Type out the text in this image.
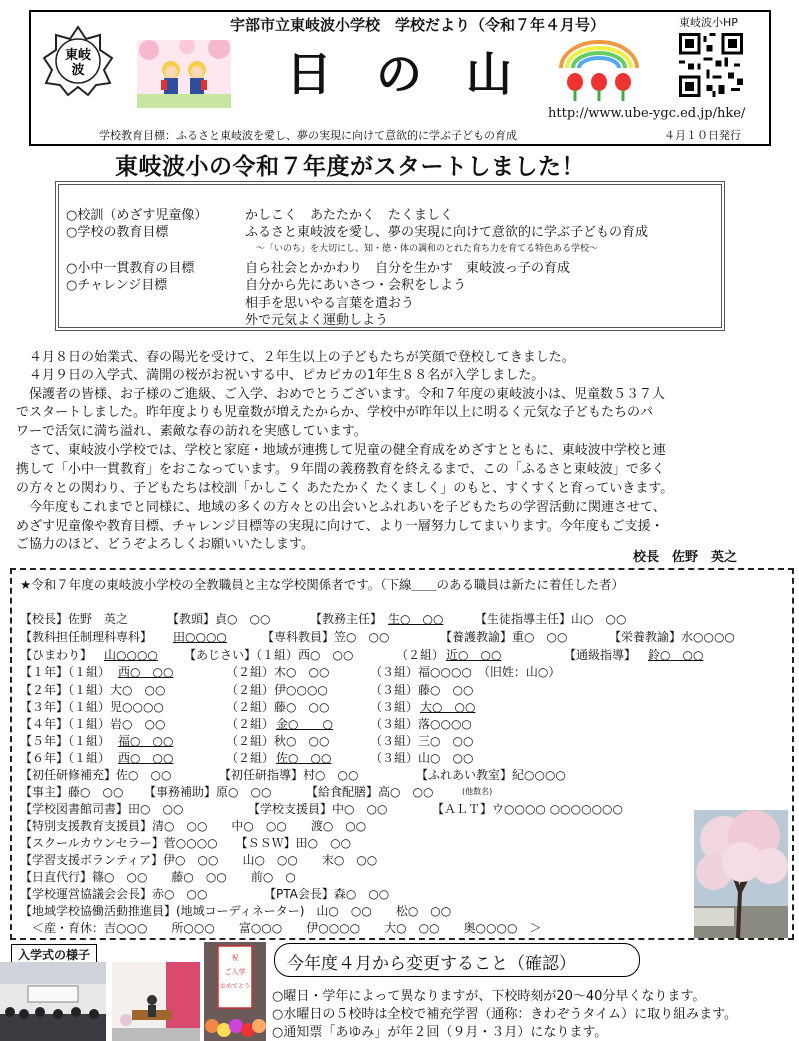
東岐
波
宇部市立東岐波小学校　学校だより（令和７年４月号）
日 の 山
東岐波小HP
http://www.ube-ygc.ed.jp/hke/
学校教育目標：ふるさと東岐波を愛し、夢の実現に向けて意欲的に学ぶ子どもの育成	４月１０日発行
東岐波小の令和７年度がスタートしました！
○校訓（めざす児童像）	かしこく　あたたかく　たくましく
○学校の教育目標	ふるさと東岐波を愛し、夢の実現に向けて意欲的に学ぶ子どもの育成
～「いのち」を大切にし、知・徳・体の調和のとれた育ち力を育てる特色ある学校～
○小中一貫教育の目標	自ら社会とかかわり　自分を生かす　東岐波っ子の育成
○チャレンジ目標	自分から先にあいさつ・会釈をしよう
相手を思いやる言葉を遣おう
外で元気よく運動しよう
　４月８日の始業式、春の陽光を受けて、２年生以上の子どもたちが笑顔で登校してきました。
　４月９日の入学式、満開の桜がお祝いする中、ピカピカの1年生８８名が入学しました。
　保護者の皆様、お子様のご進級、ご入学、おめでとうございます。令和７年度の東岐波小は、児童数５３７人
でスタートしました。昨年度よりも児童数が増えたからか、学校中が昨年以上に明るく元気な子どもたちのパ
ワーで活気に満ち溢れ、素敵な春の訪れを実感しています。
　さて、東岐波小学校では、学校と家庭・地域が連携して児童の健全育成をめざすとともに、東岐波中学校と連
携して「小中一貫教育」をおこなっています。９年間の義務教育を終えるまで、この「ふるさと東岐波」で多く
の方々との関わり、子どもたちは校訓「かしこく あたたかく たくましく」のもと、すくすくと育っていきます。
　今年度もこれまでと同様に、地域の多くの方々との出会いとふれあいを子どもたちの学習活動に関連させて、
めざす児童像や教育目標、チャレンジ目標等の実現に向けて、より一層努力してまいります。今年度もご支援・
ご協力のほど、どうぞよろしくお願いいたします。
校長　佐野　英之
★令和７年度の東岐波小学校の全教職員と主な学校関係者です。（下線＿＿のある職員は新たに着任した者）
【校長】佐野　英之	【教頭】貞○　○○	【教務主任】 生○　○○	【生徒指導主任】山○　○○
【教科担任制理科専科】 田○○○○	【専科教員】笠○　○○	【養護教諭】重○　○○	【栄養教諭】水○○○○
【ひまわり】 山○○○○ 【あじさい】（１組）西○　○○	（２組） 近○　○○	【通級指導】 鈴○　○○
【１年】（１組） 西○　○○	（２組）木○　○○	（３組）福○○○○　（旧姓：山○）
【２年】（１組）大○　○○	（２組）伊○○○○	（３組）藤○　○○
【３年】（１組）児○○○○	（２組）藤○　○○	（３組） 大○　○○
【４年】（１組）岩○　○○	（２組） 金○　　○	（３組）落○○○○
【５年】（１組） 福○　○○	（２組）秋○　○○	（３組）三○　○○
【６年】（１組） 西○　○○	（２組） 佐○　○○	（３組）山○　○○
【初任研修補充】佐○　○○	【初任研指導】村○　○○	【ふれあい教室】紀○○○○
【事主】藤○　○○ 【事務補助】原○　○○	【給食配膳】高○　○○	(他数名)
【学校図書館司書】田○　○○	【学校支援員】中○　○○	【ＡＬＴ】ウ○○○○ ○○○○○○○
【特別支援教育支援員】清○　○○　　中○　○○　　渡○　○○
【スクールカウンセラー】菅○○○○　　【ＳＳＷ】田○　○○
【学習支援ボランティア】伊○　○○　　山○　○○　　末○　○○
【日直代行】篠○　○○　　藤○　○○　　前○　○
【学校運営協議会会長】赤○　○○	【PTA会長】森○　○○
【地域学校協働活動推進員】(地域コーディネーター)　山○　○○　　松○　○○
＜産・育休：吉○○○　　所○○○　　富○○○　　伊○○○○　　大○　○○　　奥○○○○　＞
入学式の様子	祝
ご入学
おめでとう
今年度４月から変更すること（確認）
○曜日・学年によって異なりますが、下校時刻が20～40分早くなります。
○水曜日の５校時は全校で補充学習（通称：きわぞうタイム）に取り組みます。
○通知票「あゆみ」が年２回（９月・３月）になります。
